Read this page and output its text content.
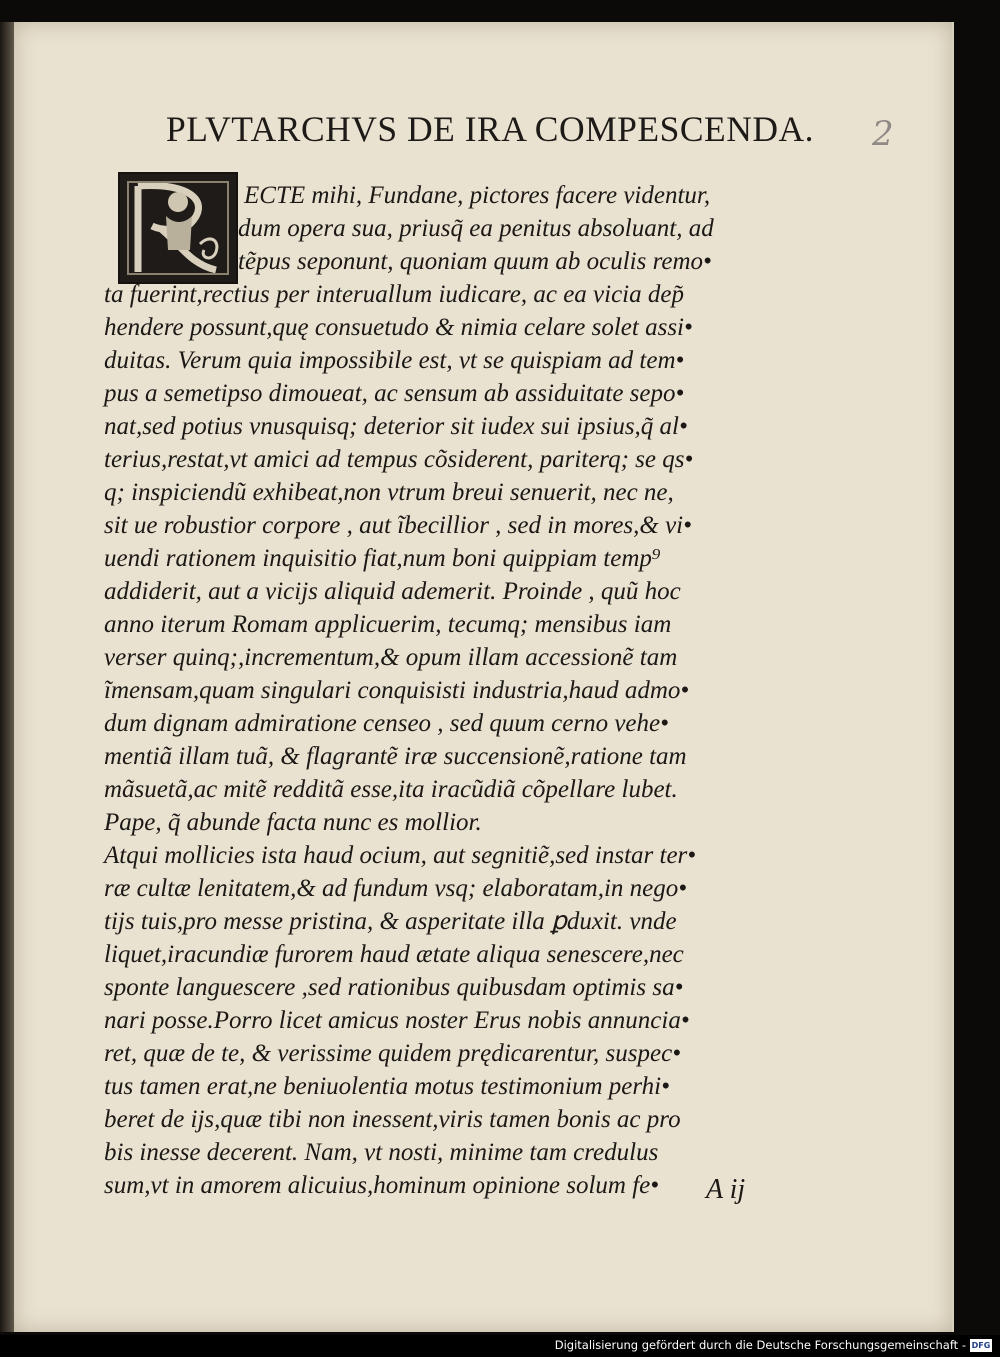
2
PLVTARCHVS DE IRA COMPESCENDA.
ECTE mihi, Fundane, pictores facere videntur,
dum opera sua, priusq̃ ea penitus absoluant, ad
tẽpus seponunt, quoniam quum ab oculis remo•
ta fuerint,rectius per interuallum iudicare, ac ea vicia dep̃
hendere possunt,quę consuetudo & nimia celare solet assi•
duitas. Verum quia impossibile est, vt se quispiam ad tem•
pus a semetipso dimoueat, ac sensum ab assiduitate sepo•
nat,sed potius vnusquisq; deterior sit iudex sui ipsius,q̃ al•
terius,restat,vt amici ad tempus cõsiderent, pariterq; se qs•
q; inspiciendũ exhibeat,non vtrum breui senuerit, nec ne,
sit ue robustior corpore , aut ĩbecillior , sed in mores,& vi•
uendi rationem inquisitio fiat,num boni quippiam temp⁹
addiderit, aut a vicijs aliquid ademerit. Proinde , quũ hoc
anno iterum Romam applicuerim, tecumq; mensibus iam
verser quinq;,incrementum,& opum illam accessionẽ tam
ĩmensam,quam singulari conquisisti industria,haud admo•
dum dignam admiratione censeo , sed quum cerno vehe•
mentiã illam tuã, & flagrantẽ iræ succensionẽ,ratione tam
mãsuetã,ac mitẽ redditã esse,ita iracũdiã cõpellare lubet.
Pape, q̃ abunde facta nunc es mollior.
Atqui mollicies ista haud ocium, aut segnitiẽ,sed instar ter•
ræ cultæ lenitatem,& ad fundum vsq; elaboratam,in nego•
tijs tuis,pro messe pristina, & asperitate illa ꝑduxit. vnde
liquet,iracundiæ furorem haud ætate aliqua senescere,nec
sponte languescere ,sed rationibus quibusdam optimis sa•
nari posse.Porro licet amicus noster Erus nobis annuncia•
ret, quæ de te, & verissime quidem prędicarentur, suspec•
tus tamen erat,ne beniuolentia motus testimonium perhi•
beret de ijs,quæ tibi non inessent,viris tamen bonis ac pro
bis inesse decerent. Nam, vt nosti, minime tam credulus
sum,vt in amorem alicuius,hominum opinione solum fe• A ij
Digitalisierung gefördert durch die Deutsche Forschungsgemeinschaft - DFG
